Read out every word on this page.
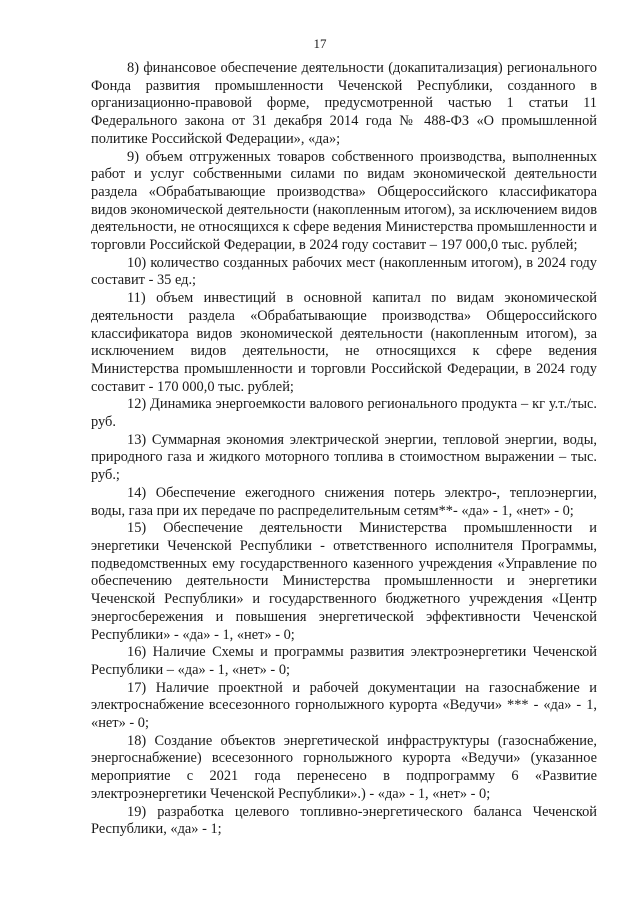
17

8) финансовое обеспечение деятельности (докапитализация) регионального Фонда развития промышленности Чеченской Республики, созданного в организационно-правовой форме, предусмотренной частью 1 статьи 11 Федерального закона от 31 декабря 2014 года № 488-ФЗ «О промышленной политике Российской Федерации», «да»;

9) объем отгруженных товаров собственного производства, выполненных работ и услуг собственными силами по видам экономической деятельности раздела «Обрабатывающие производства» Общероссийского классификатора видов экономической деятельности (накопленным итогом), за исключением видов деятельности, не относящихся к сфере ведения Министерства промышленности и торговли Российской Федерации, в 2024 году составит – 197 000,0 тыс. рублей;

10) количество созданных рабочих мест (накопленным итогом), в 2024 году составит - 35 ед.;

11) объем инвестиций в основной капитал по видам экономической деятельности раздела «Обрабатывающие производства» Общероссийского классификатора видов экономической деятельности (накопленным итогом), за исключением видов деятельности, не относящихся к сфере ведения Министерства промышленности и торговли Российской Федерации, в 2024 году составит - 170 000,0 тыс. рублей;

12) Динамика энергоемкости валового регионального продукта – кг у.т./тыс. руб.

13) Суммарная экономия электрической энергии, тепловой энергии, воды, природного газа и жидкого моторного топлива в стоимостном выражении – тыс. руб.;

14) Обеспечение ежегодного снижения потерь электро-, теплоэнергии, воды, газа при их передаче по распределительным сетям**- «да» - 1, «нет» - 0;

15) Обеспечение деятельности Министерства промышленности и энергетики Чеченской Республики - ответственного исполнителя Программы, подведомственных ему государственного казенного учреждения «Управление по обеспечению деятельности Министерства промышленности и энергетики Чеченской Республики» и государственного бюджетного учреждения «Центр энергосбережения и повышения энергетической эффективности Чеченской Республики» - «да» - 1, «нет» - 0;

16) Наличие Схемы и программы развития электроэнергетики Чеченской Республики – «да» - 1, «нет» - 0;

17) Наличие проектной и рабочей документации на газоснабжение и электроснабжение всесезонного горнолыжного курорта «Ведучи» *** - «да» - 1, «нет» - 0;

18) Создание объектов энергетической инфраструктуры (газоснабжение, энергоснабжение) всесезонного горнолыжного курорта «Ведучи» (указанное мероприятие с 2021 года перенесено в подпрограмму 6 «Развитие электроэнергетики Чеченской Республики».) - «да» - 1, «нет» - 0;

19) разработка целевого топливно-энергетического баланса Чеченской Республики, «да» - 1;
